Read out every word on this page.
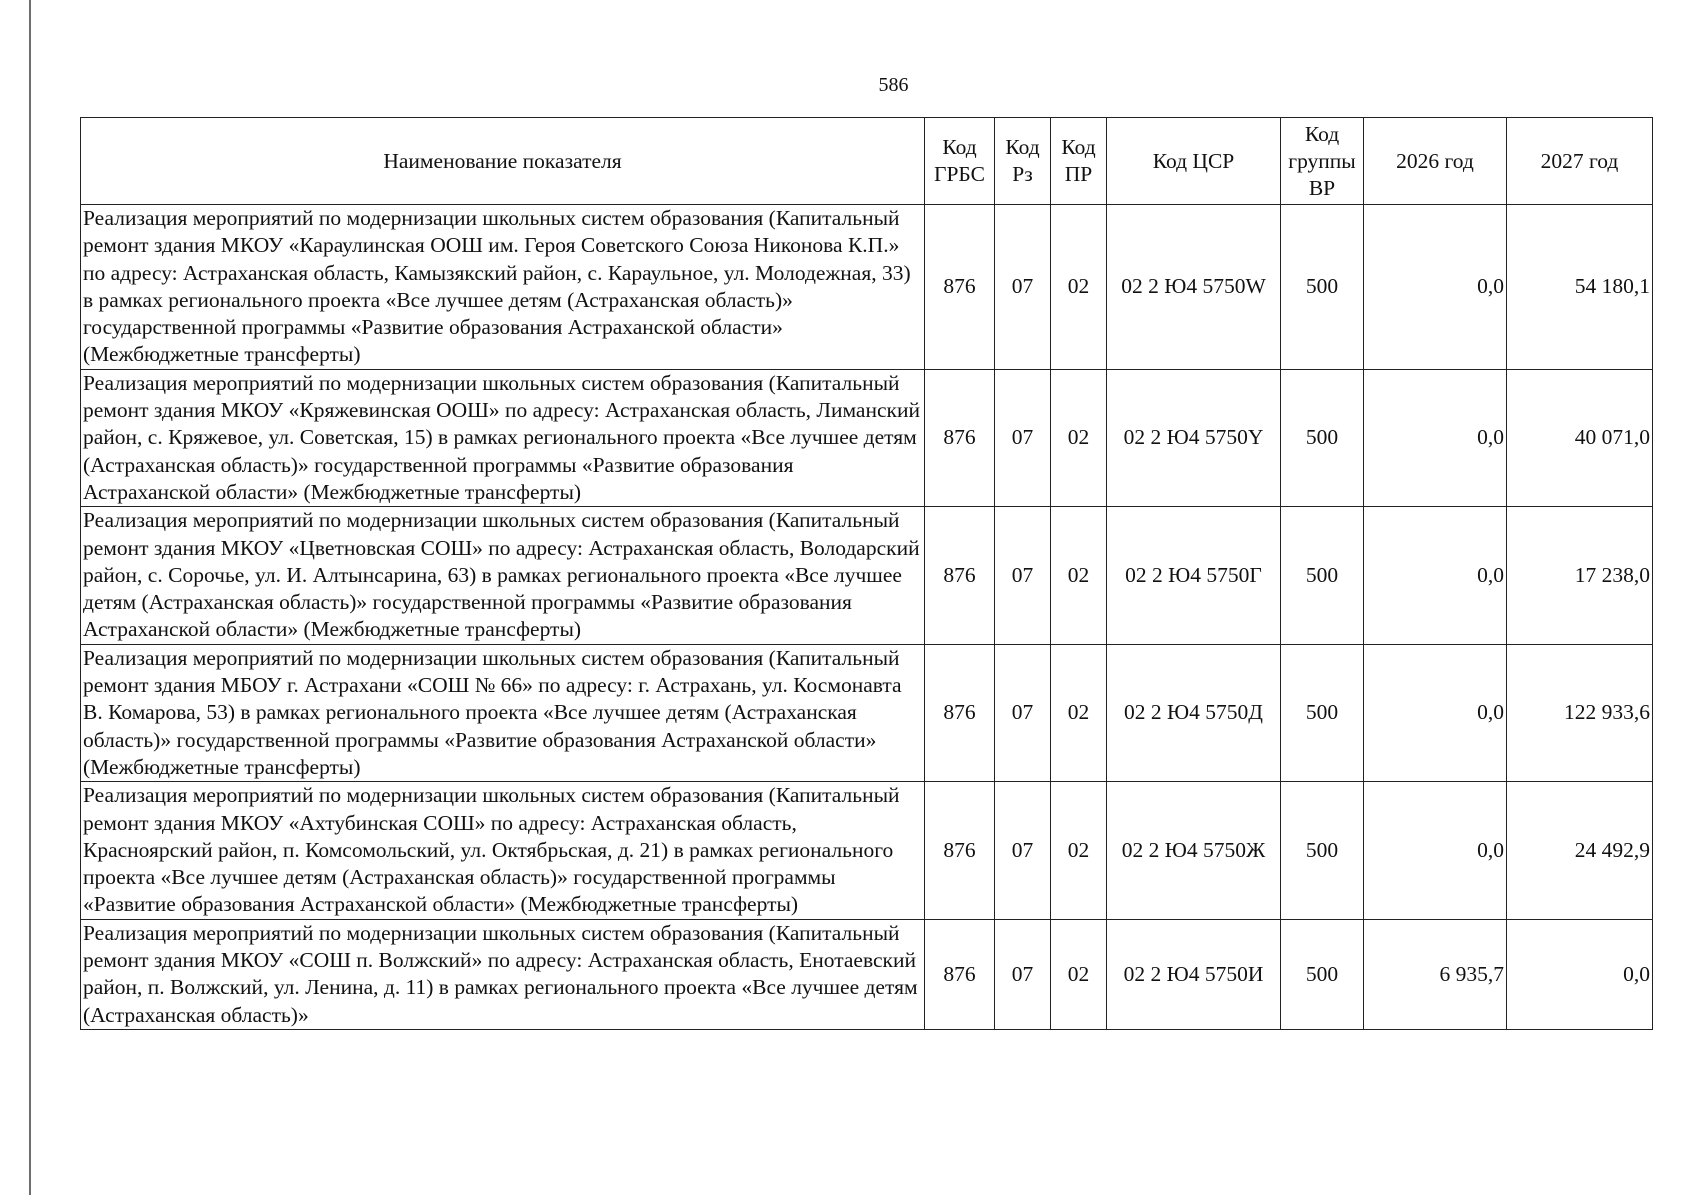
586
Наименование показателя	Код ГРБС	Код Рз	Код ПР	Код ЦСР	Код группы ВР	2026 год	2027 год
Реализация мероприятий по модернизации школьных систем образования (Капитальный ремонт здания МКОУ «Караулинская ООШ им. Героя Советского Союза Никонова К.П.» по адресу: Астраханская область, Камызякский район, с. Караульное, ул. Молодежная, 33) в рамках регионального проекта «Все лучшее детям (Астраханская область)» государственной программы «Развитие образования Астраханской области» (Межбюджетные трансферты)	876	07	02	02 2 Ю4 5750W	500	0,0	54 180,1
Реализация мероприятий по модернизации школьных систем образования (Капитальный ремонт здания МКОУ «Кряжевинская ООШ» по адресу: Астраханская область, Лиманский район, с. Кряжевое, ул. Советская, 15) в рамках регионального проекта «Все лучшее детям (Астраханская область)» государственной программы «Развитие образования Астраханской области» (Межбюджетные трансферты)	876	07	02	02 2 Ю4 5750Y	500	0,0	40 071,0
Реализация мероприятий по модернизации школьных систем образования (Капитальный ремонт здания МКОУ «Цветновская СОШ» по адресу: Астраханская область, Володарский район, с. Сорочье, ул. И. Алтынсарина, 63) в рамках регионального проекта «Все лучшее детям (Астраханская область)» государственной программы «Развитие образования Астраханской области» (Межбюджетные трансферты)	876	07	02	02 2 Ю4 5750Г	500	0,0	17 238,0
Реализация мероприятий по модернизации школьных систем образования (Капитальный ремонт здания МБОУ г. Астрахани «СОШ № 66» по адресу: г. Астрахань, ул. Космонавта В. Комарова, 53) в рамках регионального проекта «Все лучшее детям (Астраханская область)» государственной программы «Развитие образования Астраханской области» (Межбюджетные трансферты)	876	07	02	02 2 Ю4 5750Д	500	0,0	122 933,6
Реализация мероприятий по модернизации школьных систем образования (Капитальный ремонт здания МКОУ «Ахтубинская СОШ» по адресу: Астраханская область, Красноярский район, п. Комсомольский, ул. Октябрьская, д. 21) в рамках регионального проекта «Все лучшее детям (Астраханская область)» государственной программы «Развитие образования Астраханской области» (Межбюджетные трансферты)	876	07	02	02 2 Ю4 5750Ж	500	0,0	24 492,9
Реализация мероприятий по модернизации школьных систем образования (Капитальный ремонт здания МКОУ «СОШ п. Волжский» по адресу: Астраханская область, Енотаевский район, п. Волжский, ул. Ленина, д. 11) в рамках регионального проекта «Все лучшее детям (Астраханская область)»	876	07	02	02 2 Ю4 5750И	500	6 935,7	0,0
